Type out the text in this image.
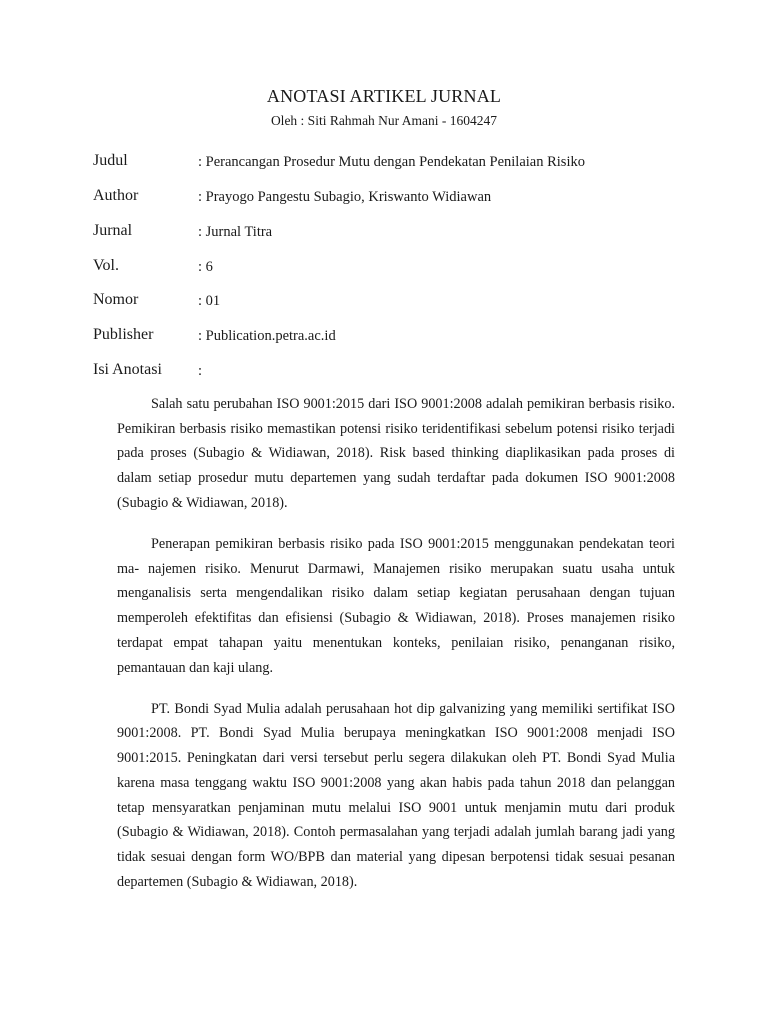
ANOTASI ARTIKEL JURNAL
Oleh : Siti Rahmah Nur Amani - 1604247
Judul	: Perancangan Prosedur Mutu dengan Pendekatan Penilaian Risiko
Author	: Prayogo Pangestu Subagio, Kriswanto Widiawan
Jurnal	: Jurnal Titra
Vol.	: 6
Nomor	: 01
Publisher	: Publication.petra.ac.id
Isi Anotasi :

Salah satu perubahan ISO 9001:2015 dari ISO 9001:2008 adalah pemikiran berbasis risiko. Pemikiran berbasis risiko memastikan potensi risiko teridentifikasi sebelum potensi risiko terjadi pada proses (Subagio & Widiawan, 2018). Risk based thinking diaplikasikan pada proses di dalam setiap prosedur mutu departemen yang sudah terdaftar pada dokumen ISO 9001:2008 (Subagio & Widiawan, 2018).

Penerapan pemikiran berbasis risiko pada ISO 9001:2015 menggunakan pendekatan teori ma- najemen risiko. Menurut Darmawi, Manajemen risiko merupakan suatu usaha untuk menganalisis serta mengendalikan risiko dalam setiap kegiatan perusahaan dengan tujuan memperoleh efektifitas dan efisiensi (Subagio & Widiawan, 2018). Proses manajemen risiko terdapat empat tahapan yaitu menentukan konteks, penilaian risiko, penanganan risiko, pemantauan dan kaji ulang.

PT. Bondi Syad Mulia adalah perusahaan hot dip galvanizing yang memiliki sertifikat ISO 9001:2008. PT. Bondi Syad Mulia berupaya meningkatkan ISO 9001:2008 menjadi ISO 9001:2015. Peningkatan dari versi tersebut perlu segera dilakukan oleh PT. Bondi Syad Mulia karena masa tenggang waktu ISO 9001:2008 yang akan habis pada tahun 2018 dan pelanggan tetap mensyaratkan penjaminan mutu melalui ISO 9001 untuk menjamin mutu dari produk (Subagio & Widiawan, 2018). Contoh permasalahan yang terjadi adalah jumlah barang jadi yang tidak sesuai dengan form WO/BPB dan material yang dipesan berpotensi tidak sesuai pesanan departemen (Subagio & Widiawan, 2018).
